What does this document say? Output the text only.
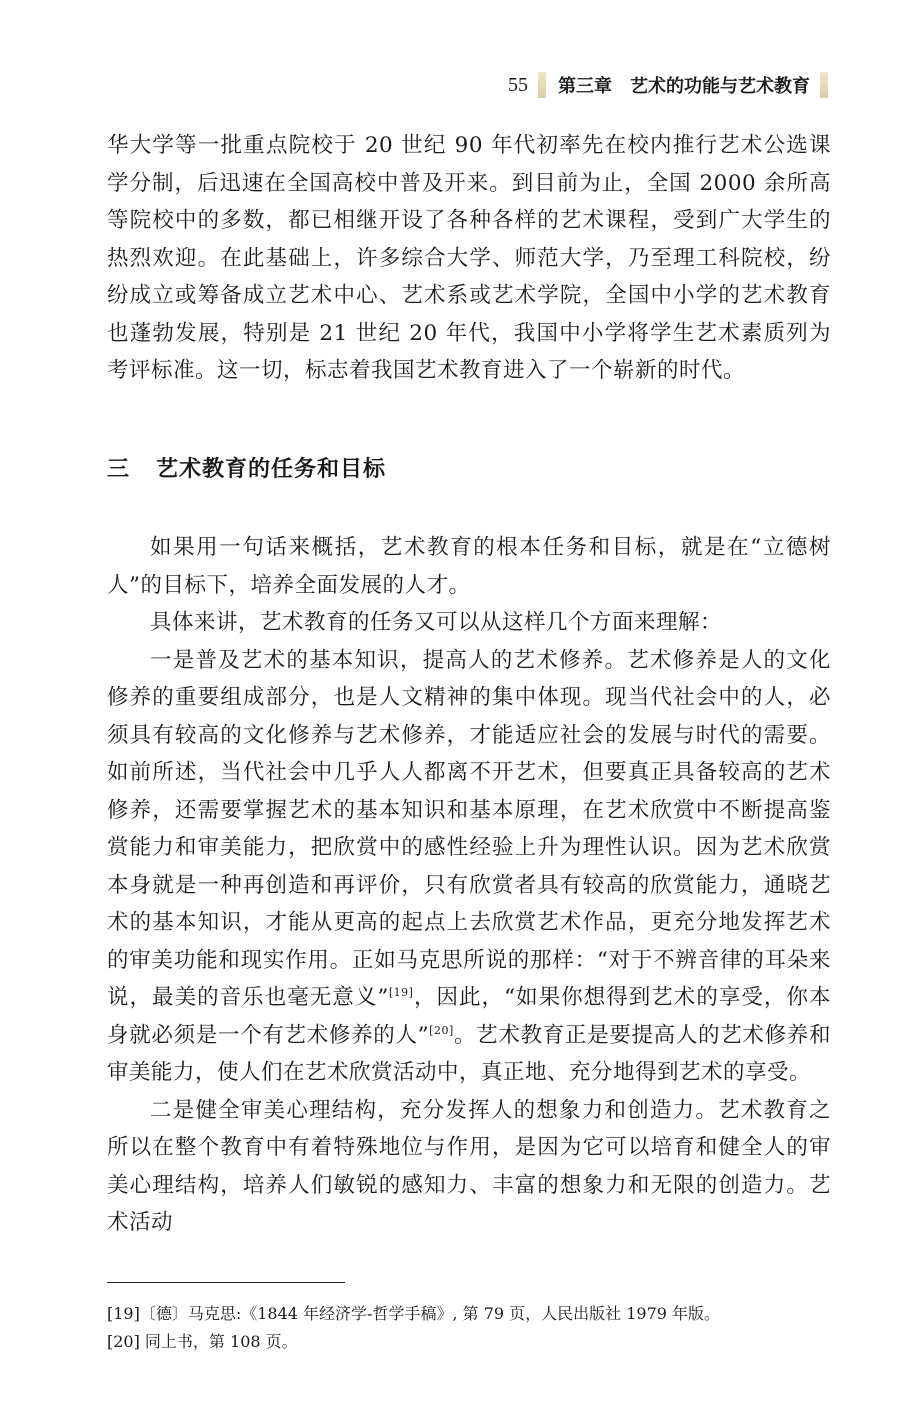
55 第三章　艺术的功能与艺术教育

华大学等一批重点院校于 20 世纪 90 年代初率先在校内推行艺术公选课学分制，后迅速在全国高校中普及开来。到目前为止，全国 2000 余所高等院校中的多数，都已相继开设了各种各样的艺术课程，受到广大学生的热烈欢迎。在此基础上，许多综合大学、师范大学，乃至理工科院校，纷纷成立或筹备成立艺术中心、艺术系或艺术学院，全国中小学的艺术教育也蓬勃发展，特别是 21 世纪 20 年代，我国中小学将学生艺术素质列为考评标准。这一切，标志着我国艺术教育进入了一个崭新的时代。

三 艺术教育的任务和目标

如果用一句话来概括，艺术教育的根本任务和目标，就是在“立德树人”的目标下，培养全面发展的人才。

具体来讲，艺术教育的任务又可以从这样几个方面来理解：

一是普及艺术的基本知识，提高人的艺术修养。艺术修养是人的文化修养的重要组成部分，也是人文精神的集中体现。现当代社会中的人，必须具有较高的文化修养与艺术修养，才能适应社会的发展与时代的需要。如前所述，当代社会中几乎人人都离不开艺术，但要真正具备较高的艺术修养，还需要掌握艺术的基本知识和基本原理，在艺术欣赏中不断提高鉴赏能力和审美能力，把欣赏中的感性经验上升为理性认识。因为艺术欣赏本身就是一种再创造和再评价，只有欣赏者具有较高的欣赏能力，通晓艺术的基本知识，才能从更高的起点上去欣赏艺术作品，更充分地发挥艺术的审美功能和现实作用。正如马克思所说的那样：“对于不辨音律的耳朵来说，最美的音乐也毫无意义”[19]，因此，“如果你想得到艺术的享受，你本身就必须是一个有艺术修养的人”[20]。艺术教育正是要提高人的艺术修养和审美能力，使人们在艺术欣赏活动中，真正地、充分地得到艺术的享受。

二是健全审美心理结构，充分发挥人的想象力和创造力。艺术教育之所以在整个教育中有着特殊地位与作用，是因为它可以培育和健全人的审美心理结构，培养人们敏锐的感知力、丰富的想象力和无限的创造力。艺术活动

[19]〔德〕马克思:《1844 年经济学-哲学手稿》, 第 79 页，人民出版社 1979 年版。

[20] 同上书，第 108 页。
